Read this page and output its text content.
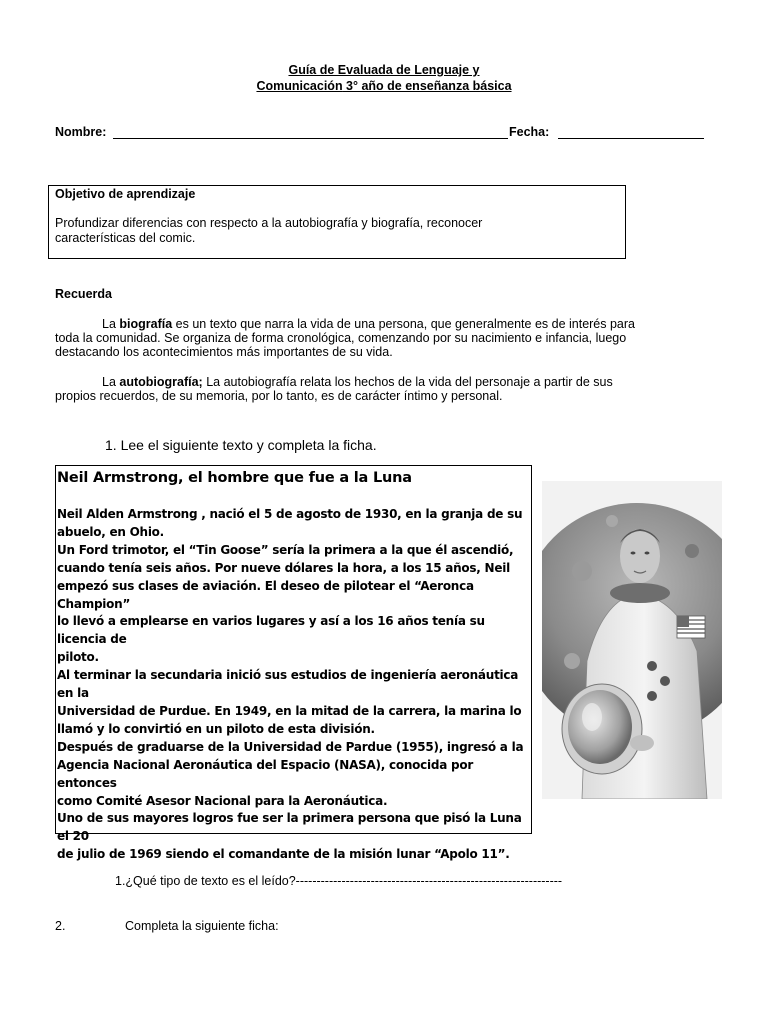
Guía de Evaluada de Lenguaje y
Comunicación 3° año de enseñanza básica
Nombre:	Fecha:
Objetivo de aprendizaje
Profundizar diferencias con respecto a la autobiografía y biografía, reconocer
características del comic.
Recuerda
La biografía es un texto que narra la vida de una persona, que generalmente es de interés para
toda la comunidad. Se organiza de forma cronológica, comenzando por su nacimiento e infancia, luego
destacando los acontecimientos más importantes de su vida.
La autobiografía; La autobiografía relata los hechos de la vida del personaje a partir de sus
propios recuerdos, de su memoria, por lo tanto, es de carácter íntimo y personal.
1. Lee el siguiente texto y completa la ficha.
Neil Armstrong, el hombre que fue a la Luna
Neil Alden Armstrong , nació el 5 de agosto de 1930, en la granja de su
abuelo, en Ohio.
Un Ford trimotor, el “Tin Goose” sería la primera a la que él ascendió,
cuando tenía seis años. Por nueve dólares la hora, a los 15 años, Neil
empezó sus clases de aviación. El deseo de pilotear el “Aeronca Champion”
lo llevó a emplearse en varios lugares y así a los 16 años tenía su licencia de
piloto.
Al terminar la secundaria inició sus estudios de ingeniería aeronáutica en la
Universidad de Purdue. En 1949, en la mitad de la carrera, la marina lo
llamó y lo convirtió en un piloto de esta división.
Después de graduarse de la Universidad de Pardue (1955), ingresó a la
Agencia Nacional Aeronáutica del Espacio (NASA), conocida por entonces
como Comité Asesor Nacional para la Aeronáutica.
Uno de sus mayores logros fue ser la primera persona que pisó la Luna el 20
de julio de 1969 siendo el comandante de la misión lunar “Apolo 11”.
1.¿Qué tipo de texto es el leído?----------------------------------------------------------------
2.	Completa la siguiente ficha:
